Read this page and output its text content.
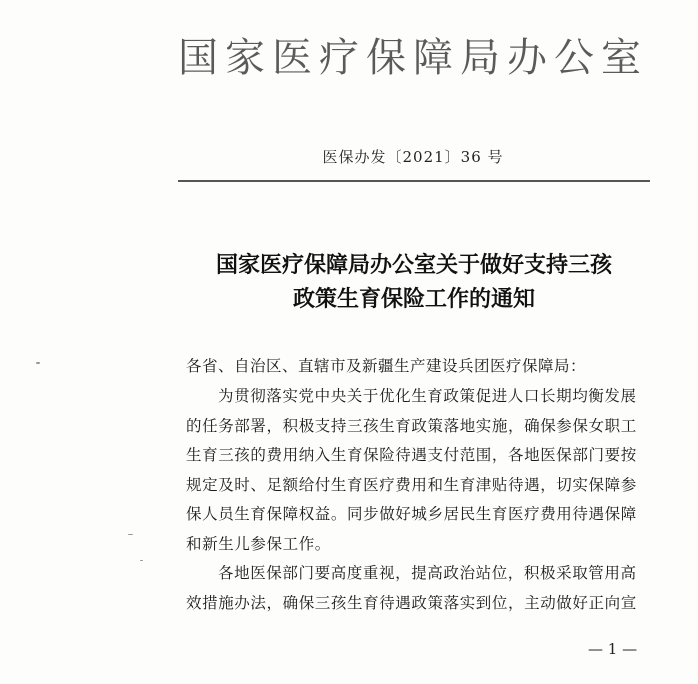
国家医疗保障局办公室
医保办发〔2021〕36 号
国家医疗保障局办公室关于做好支持三孩
政策生育保险工作的通知
各省、自治区、直辖市及新疆生产建设兵团医疗保障局：
为贯彻落实党中央关于优化生育政策促进人口长期均衡发展
的任务部署，积极支持三孩生育政策落地实施，确保参保女职工
生育三孩的费用纳入生育保险待遇支付范围，各地医保部门要按
规定及时、足额给付生育医疗费用和生育津贴待遇，切实保障参
保人员生育保障权益。同步做好城乡居民生育医疗费用待遇保障
和新生儿参保工作。
各地医保部门要高度重视，提高政治站位，积极采取管用高
效措施办法，确保三孩生育待遇政策落实到位，主动做好正向宣
— 1 —
